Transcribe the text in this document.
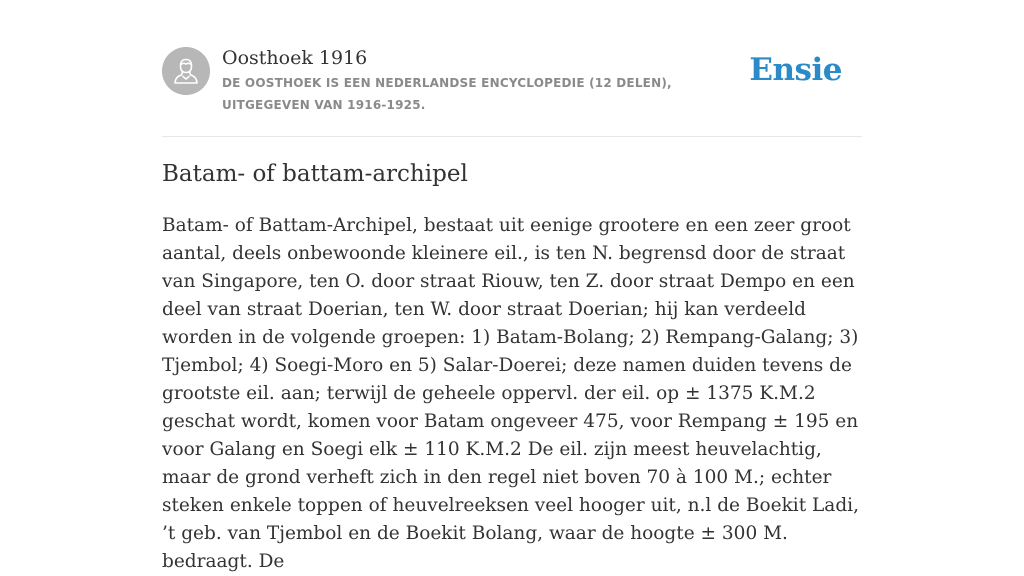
Oosthoek 1916

DE OOSTHOEK IS EEN NEDERLANDSE ENCYCLOPEDIE (12 DELEN), UITGEGEVEN VAN 1916-1925.

Ensie
Batam- of battam-archipel

Batam- of Battam-Archipel, bestaat uit eenige grootere en een zeer groot aantal, deels onbewoonde kleinere eil., is ten N. begrensd door de straat van Singapore, ten O. door straat Riouw, ten Z. door straat Dempo en een deel van straat Doerian, ten W. door straat Doerian; hij kan verdeeld worden in de volgende groepen: 1) Batam-Bolang; 2) Rempang-Galang; 3) Tjembol; 4) Soegi-Moro en 5) Salar-Doerei; deze namen duiden tevens de grootste eil. aan; terwijl de geheele oppervl. der eil. op ± 1375 K.M.2 geschat wordt, komen voor Batam ongeveer 475, voor Rempang ± 195 en voor Galang en Soegi elk ± 110 K.M.2 De eil. zijn meest heuvelachtig, maar de grond verheft zich in den regel niet boven 70 à 100 M.; echter steken enkele toppen of heuvelreeksen veel hooger uit, n.l de Boekit Ladi, ’t geb. van Tjembol en de Boekit Bolang, waar de hoogte ± 300 M. bedraagt. De
